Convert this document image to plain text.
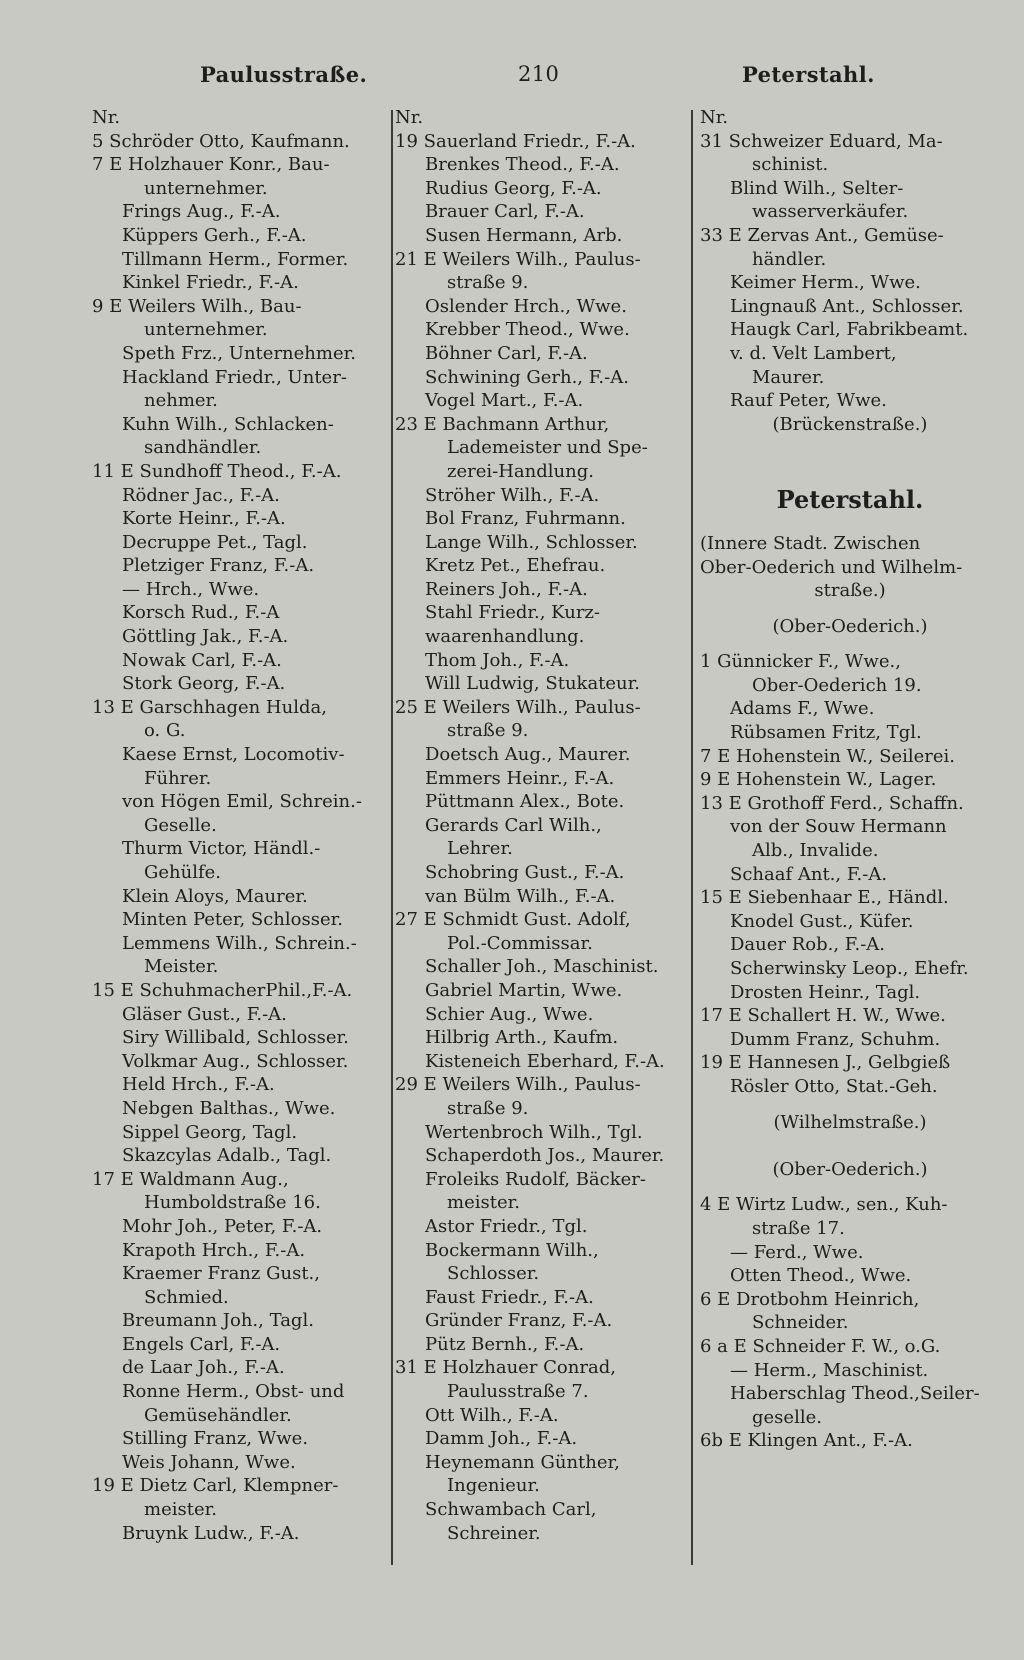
Paulusstraße.	210	Peterstahl.
Nr.
5 Schröder Otto, Kaufmann.
7 E Holzhauer Konr., Bau-
unternehmer.
Frings Aug., F.-A.
Küppers Gerh., F.-A.
Tillmann Herm., Former.
Kinkel Friedr., F.-A.
9 E Weilers Wilh., Bau-
unternehmer.
Speth Frz., Unternehmer.
Hackland Friedr., Unter-
nehmer.
Kuhn Wilh., Schlacken-
sandhändler.
11 E Sundhoff Theod., F.-A.
Rödner Jac., F.-A.
Korte Heinr., F.-A.
Decruppe Pet., Tagl.
Pletziger Franz, F.-A.
— Hrch., Wwe.
Korsch Rud., F.-A
Göttling Jak., F.-A.
Nowak Carl, F.-A.
Stork Georg, F.-A.
13 E Garschhagen Hulda,
o. G.
Kaese Ernst, Locomotiv-
Führer.
von Högen Emil, Schrein.-
Geselle.
Thurm Victor, Händl.-
Gehülfe.
Klein Aloys, Maurer.
Minten Peter, Schlosser.
Lemmens Wilh., Schrein.-
Meister.
15 E SchuhmacherPhil.,F.-A.
Gläser Gust., F.-A.
Siry Willibald, Schlosser.
Volkmar Aug., Schlosser.
Held Hrch., F.-A.
Nebgen Balthas., Wwe.
Sippel Georg, Tagl.
Skazcylas Adalb., Tagl.
17 E Waldmann Aug.,
Humboldstraße 16.
Mohr Joh., Peter, F.-A.
Krapoth Hrch., F.-A.
Kraemer Franz Gust.,
Schmied.
Breumann Joh., Tagl.
Engels Carl, F.-A.
de Laar Joh., F.-A.
Ronne Herm., Obst- und
Gemüsehändler.
Stilling Franz, Wwe.
Weis Johann, Wwe.
19 E Dietz Carl, Klempner-
meister.
Bruynk Ludw., F.-A.
Nr.
19 Sauerland Friedr., F.-A.
Brenkes Theod., F.-A.
Rudius Georg, F.-A.
Brauer Carl, F.-A.
Susen Hermann, Arb.
21 E Weilers Wilh., Paulus-
straße 9.
Oslender Hrch., Wwe.
Krebber Theod., Wwe.
Böhner Carl, F.-A.
Schwining Gerh., F.-A.
Vogel Mart., F.-A.
23 E Bachmann Arthur,
Lademeister und Spe-
zerei-Handlung.
Ströher Wilh., F.-A.
Bol Franz, Fuhrmann.
Lange Wilh., Schlosser.
Kretz Pet., Ehefrau.
Reiners Joh., F.-A.
Stahl Friedr., Kurz-
waarenhandlung.
Thom Joh., F.-A.
Will Ludwig, Stukateur.
25 E Weilers Wilh., Paulus-
straße 9.
Doetsch Aug., Maurer.
Emmers Heinr., F.-A.
Püttmann Alex., Bote.
Gerards Carl Wilh.,
Lehrer.
Schobring Gust., F.-A.
van Bülm Wilh., F.-A.
27 E Schmidt Gust. Adolf,
Pol.-Commissar.
Schaller Joh., Maschinist.
Gabriel Martin, Wwe.
Schier Aug., Wwe.
Hilbrig Arth., Kaufm.
Kisteneich Eberhard, F.-A.
29 E Weilers Wilh., Paulus-
straße 9.
Wertenbroch Wilh., Tgl.
Schaperdoth Jos., Maurer.
Froleiks Rudolf, Bäcker-
meister.
Astor Friedr., Tgl.
Bockermann Wilh.,
Schlosser.
Faust Friedr., F.-A.
Gründer Franz, F.-A.
Pütz Bernh., F.-A.
31 E Holzhauer Conrad,
Paulusstraße 7.
Ott Wilh., F.-A.
Damm Joh., F.-A.
Heynemann Günther,
Ingenieur.
Schwambach Carl,
Schreiner.
Nr.
31 Schweizer Eduard, Ma-
schinist.
Blind Wilh., Selter-
wasserverkäufer.
33 E Zervas Ant., Gemüse-
händler.
Keimer Herm., Wwe.
Lingnauß Ant., Schlosser.
Haugk Carl, Fabrikbeamt.
v. d. Velt Lambert,
Maurer.
Rauf Peter, Wwe.
(Brückenstraße.)
Peterstahl.
(Innere Stadt. Zwischen
Ober-Oederich und Wilhelm-
straße.)
(Ober-Oederich.)
1 Günnicker F., Wwe.,
Ober-Oederich 19.
Adams F., Wwe.
Rübsamen Fritz, Tgl.
7 E Hohenstein W., Seilerei.
9 E Hohenstein W., Lager.
13 E Grothoff Ferd., Schaffn.
von der Souw Hermann
Alb., Invalide.
Schaaf Ant., F.-A.
15 E Siebenhaar E., Händl.
Knodel Gust., Küfer.
Dauer Rob., F.-A.
Scherwinsky Leop., Ehefr.
Drosten Heinr., Tagl.
17 E Schallert H. W., Wwe.
Dumm Franz, Schuhm.
19 E Hannesen J., Gelbgieß
Rösler Otto, Stat.-Geh.
(Wilhelmstraße.)
(Ober-Oederich.)
4 E Wirtz Ludw., sen., Kuh-
straße 17.
— Ferd., Wwe.
Otten Theod., Wwe.
6 E Drotbohm Heinrich,
Schneider.
6 a E Schneider F. W., o.G.
— Herm., Maschinist.
Haberschlag Theod.,Seiler-
geselle.
6b E Klingen Ant., F.-A.
